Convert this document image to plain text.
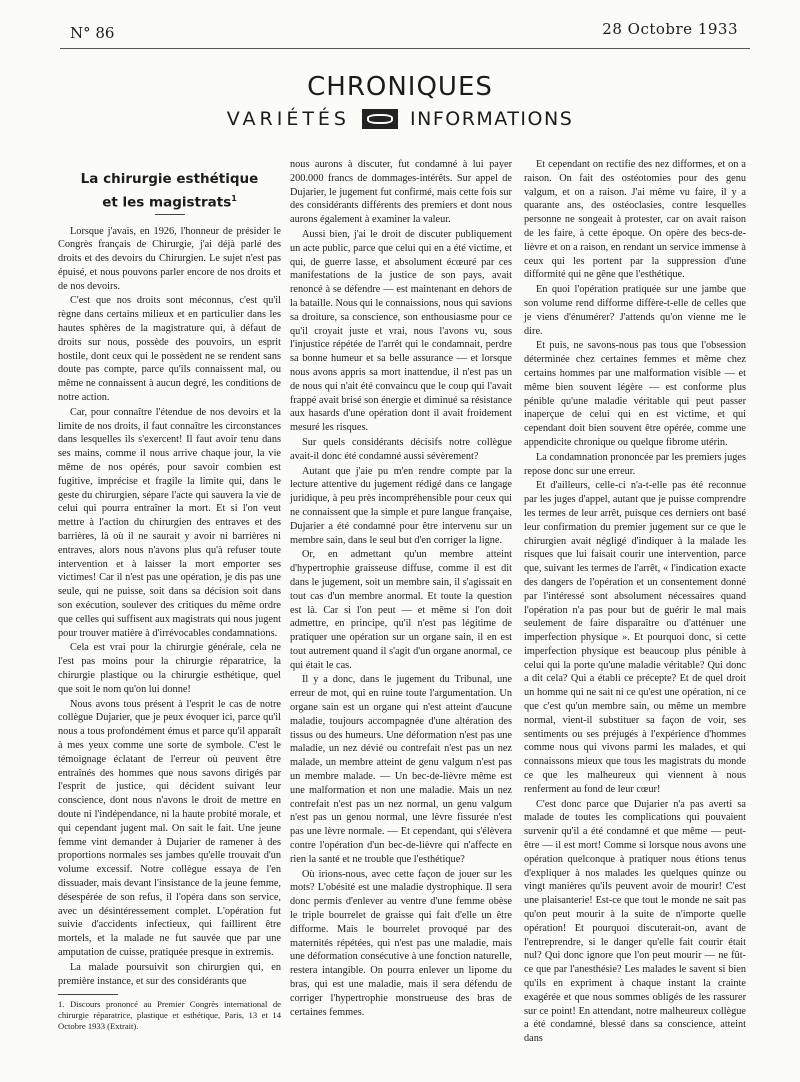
N° 86	28 Octobre 1933
CHRONIQUES
VARIÉTÉS	INFORMATIONS

La chirurgie esthétique
et les magistrats$^1$

Lorsque j'avais, en 1926, l'honneur de présider le Congrès français de Chirurgie, j'ai déjà parlé des droits et des devoirs du Chirurgien. Le sujet n'est pas épuisé, et nous pouvons parler encore de nos droits et de nos devoirs.

C'est que nos droits sont méconnus, c'est qu'il règne dans certains milieux et en particulier dans les hautes sphères de la magistrature qui, à défaut de droits sur nous, possède des pouvoirs, un esprit hostile, dont ceux qui le possèdent ne se rendent sans doute pas compte, parce qu'ils connaissent mal, ou même ne connaissent à aucun degré, les conditions de notre action.

Car, pour connaître l'étendue de nos devoirs et la limite de nos droits, il faut connaître les circonstances dans lesquelles ils s'exercent! Il faut avoir tenu dans ses mains, comme il nous arrive chaque jour, la vie même de nos opérés, pour savoir combien est fugitive, imprécise et fragile la limite qui, dans le geste du chirurgien, sépare l'acte qui sauvera la vie de celui qui pourra entraîner la mort. Et si l'on veut mettre à l'action du chirurgien des entraves et des barrières, là où il ne saurait y avoir ni barrières ni entraves, alors nous n'avons plus qu'à refuser toute intervention et à laisser la mort emporter ses victimes! Car il n'est pas une opération, je dis pas une seule, qui ne puisse, soit dans sa décision soit dans son exécution, soulever des critiques du même ordre que celles qui suffisent aux magistrats qui nous jugent pour trouver matière à d'irrévocables condamnations.

Cela est vrai pour la chirurgie générale, cela ne l'est pas moins pour la chirurgie réparatrice, la chirurgie plastique ou la chirurgie esthétique, quel que soit le nom qu'on lui donne!

Nous avons tous présent à l'esprit le cas de notre collègue Dujarier, que je peux évoquer ici, parce qu'il nous a tous profondément émus et parce qu'il apparaît à mes yeux comme une sorte de symbole. C'est le témoignage éclatant de l'erreur où peuvent être entraînés des hommes que nous savons dirigés par l'esprit de justice, qui décident suivant leur conscience, dont nous n'avons le droit de mettre en doute ni l'indépendance, ni la haute probité morale, et qui cependant jugent mal. On sait le fait. Une jeune femme vint demander à Dujarier de ramener à des proportions normales ses jambes qu'elle trouvait d'un volume excessif. Notre collègue essaya de l'en dissuader, mais devant l'insistance de la jeune femme, désespérée de son refus, il l'opéra dans son service, avec un désintéressement complet. L'opération fut suivie d'accidents infectieux, qui faillirent être mortels, et la malade ne fut sauvée que par une amputation de cuisse, pratiquée presque in extremis.

La malade poursuivit son chirurgien qui, en première instance, et sur des considérants que

1. Discours prononcé au Premier Congrès international de chirurgie réparatrice, plastique et esthétique, Paris, 13 et 14 Octobre 1933 (Extrait).

nous aurons à discuter, fut condamné à lui payer 200.000 francs de dommages-intérêts. Sur appel de Dujarier, le jugement fut confirmé, mais cette fois sur des considérants différents des premiers et dont nous aurons également à examiner la valeur.

Aussi bien, j'ai le droit de discuter publiquement un acte public, parce que celui qui en a été victime, et qui, de guerre lasse, et absolument écœuré par ces manifestations de la justice de son pays, avait renoncé à se défendre — est maintenant en dehors de la bataille. Nous qui le connaissions, nous qui savions sa droiture, sa conscience, son enthousiasme pour ce qu'il croyait juste et vrai, nous l'avons vu, sous l'injustice répétée de l'arrêt qui le condamnait, perdre sa bonne humeur et sa belle assurance — et lorsque nous avons appris sa mort inattendue, il n'est pas un de nous qui n'ait été convaincu que le coup qui l'avait frappé avait brisé son énergie et diminué sa résistance aux hasards d'une opération dont il avait froidement mesuré les risques.

Sur quels considérants décisifs notre collègue avait-il donc été condamné aussi sévèrement?

Autant que j'aie pu m'en rendre compte par la lecture attentive du jugement rédigé dans ce langage juridique, à peu près incompréhensible pour ceux qui ne connaissent que la simple et pure langue française, Dujarier a été condamné pour être intervenu sur un membre sain, dans le seul but d'en corriger la ligne.

Or, en admettant qu'un membre atteint d'hypertrophie graisseuse diffuse, comme il est dit dans le jugement, soit un membre sain, il s'agissait en tout cas d'un membre anormal. Et toute la question est là. Car si l'on peut — et même si l'on doit admettre, en principe, qu'il n'est pas légitime de pratiquer une opération sur un organe sain, il en est tout autrement quand il s'agit d'un organe anormal, ce qui était le cas.

Il y a donc, dans le jugement du Tribunal, une erreur de mot, qui en ruine toute l'argumentation. Un organe sain est un organe qui n'est atteint d'aucune maladie, toujours accompagnée d'une altération des tissus ou des humeurs. Une déformation n'est pas une maladie, un nez dévié ou contrefait n'est pas un nez malade, un membre atteint de genu valgum n'est pas un membre malade. — Un bec-de-lièvre même est une malformation et non une maladie. Mais un nez contrefait n'est pas un nez normal, un genu valgum n'est pas un genou normal, une lèvre fissurée n'est pas une lèvre normale. — Et cependant, qui s'élèvera contre l'opération d'un bec-de-lièvre qui n'affecte en rien la santé et ne trouble que l'esthétique?

Où irions-nous, avec cette façon de jouer sur les mots? L'obésité est une maladie dystrophique. Il sera donc permis d'enlever au ventre d'une femme obèse le triple bourrelet de graisse qui fait d'elle un être difforme. Mais le bourrelet provoqué par des maternités répétées, qui n'est pas une maladie, mais une déformation consécutive à une fonction naturelle, restera intangible. On pourra enlever un lipome du bras, qui est une maladie, mais il sera défendu de corriger l'hypertrophie monstrueuse des bras de certaines femmes.

Et cependant on rectifie des nez difformes, et on a raison. On fait des ostéotomies pour des genu valgum, et on a raison. J'ai même vu faire, il y a quarante ans, des ostéoclasies, contre lesquelles personne ne songeait à protester, car on avait raison de les faire, à cette époque. On opère des becs-de-lièvre et on a raison, en rendant un service immense à ceux qui les portent par la suppression d'une difformité qui ne gêne que l'esthétique.

En quoi l'opération pratiquée sur une jambe que son volume rend difforme diffère-t-elle de celles que je viens d'énumérer? J'attends qu'on vienne me le dire.

Et puis, ne savons-nous pas tous que l'obsession déterminée chez certaines femmes et même chez certains hommes par une malformation visible — et même bien souvent légère — est conforme plus pénible qu'une maladie véritable qui peut passer inaperçue de celui qui en est victime, et qui cependant doit bien souvent être opérée, comme une appendicite chronique ou quelque fibrome utérin.

La condamnation prononcée par les premiers juges repose donc sur une erreur.

Et d'ailleurs, celle-ci n'a-t-elle pas été reconnue par les juges d'appel, autant que je puisse comprendre les termes de leur arrêt, puisque ces derniers ont basé leur confirmation du premier jugement sur ce que le chirurgien avait négligé d'indiquer à la malade les risques que lui faisait courir une intervention, parce que, suivant les termes de l'arrêt, « l'indication exacte des dangers de l'opération et un consentement donné par l'intéressé sont absolument nécessaires quand l'opération n'a pas pour but de guérir le mal mais seulement de faire disparaître ou d'atténuer une imperfection physique ». Et pourquoi donc, si cette imperfection physique est beaucoup plus pénible à celui qui la porte qu'une maladie véritable? Qui donc a dit cela? Qui a établi ce précepte? Et de quel droit un homme qui ne sait ni ce qu'est une opération, ni ce que c'est qu'un membre sain, ou même un membre normal, vient-il substituer sa façon de voir, ses sentiments ou ses préjugés à l'expérience d'hommes comme nous qui vivons parmi les malades, et qui connaissons mieux que tous les magistrats du monde ce que les malheureux qui viennent à nous renferment au fond de leur cœur!

C'est donc parce que Dujarier n'a pas averti sa malade de toutes les complications qui pouvaient survenir qu'il a été condamné et que même — peut-être — il est mort! Comme si lorsque nous avons une opération quelconque à pratiquer nous étions tenus d'expliquer à nos malades les quelques quinze ou vingt manières qu'ils peuvent avoir de mourir! C'est une plaisanterie! Est-ce que tout le monde ne sait pas qu'on peut mourir à la suite de n'importe quelle opération! Et pourquoi discuterait-on, avant de l'entreprendre, si le danger qu'elle fait courir était nul? Qui donc ignore que l'on peut mourir — ne fût-ce que par l'anesthésie? Les malades le savent si bien qu'ils en expriment à chaque instant la crainte exagérée et que nous sommes obligés de les rassurer sur ce point! En attendant, notre malheureux collègue a été condamné, blessé dans sa conscience, atteint dans
